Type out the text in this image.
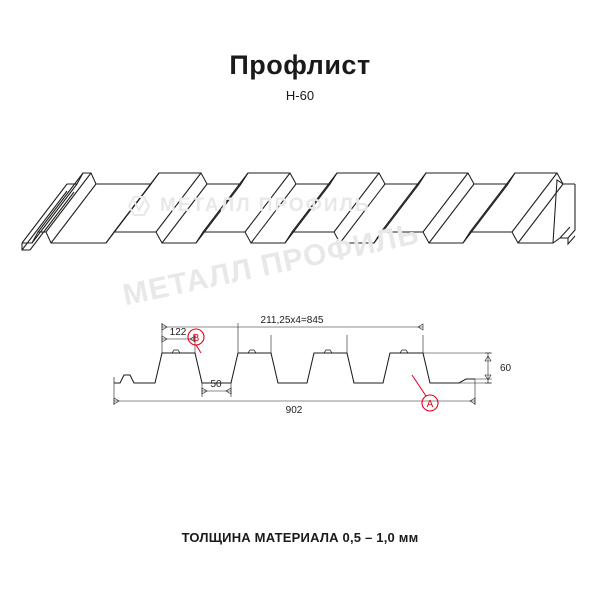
Профлист
Н-60
МЕТАЛЛ ПРОФИЛЬ
МЕТАЛЛ ПРОФИЛЬ
211,25х4=845
122
50
902
60
B
A
ТОЛЩИНА МАТЕРИАЛА 0,5 – 1,0 мм
